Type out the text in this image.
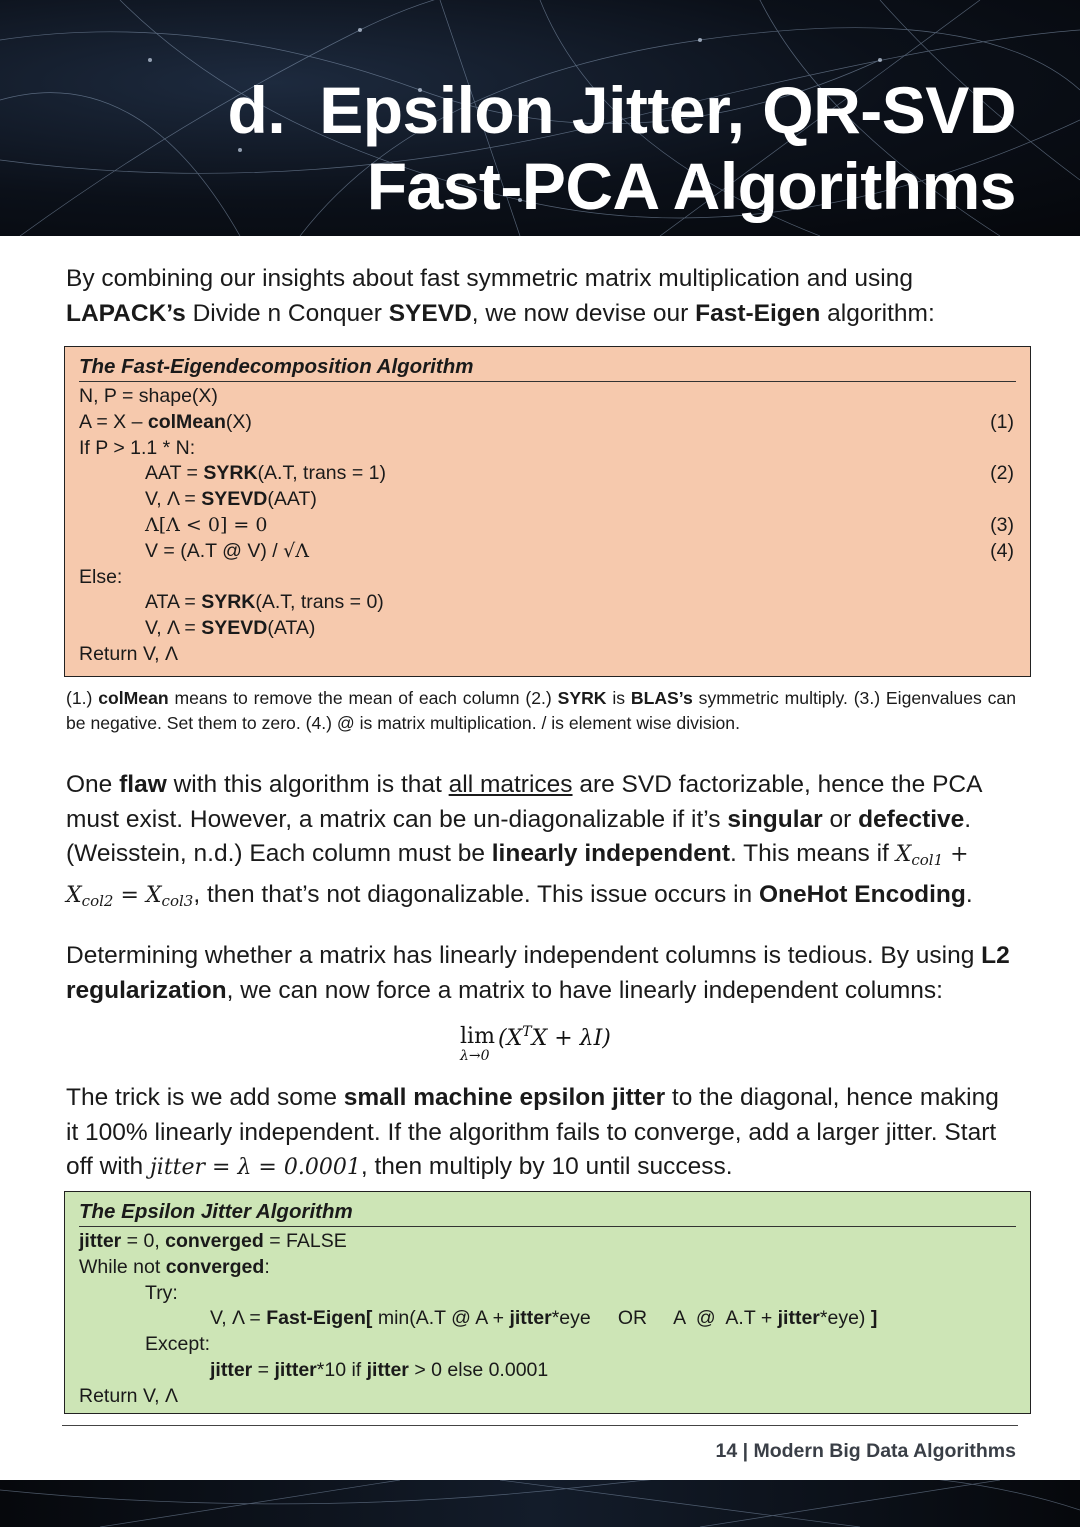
d. Epsilon Jitter, QR-SVD
Fast-PCA Algorithms
By combining our insights about fast symmetric matrix multiplication and using
LAPACK’s Divide n Conquer SYEVD, we now devise our Fast-Eigen algorithm:
The Fast-Eigendecomposition Algorithm
N, P = shape(X)
A = X – colMean(X)	(1)
If P > 1.1 * N:
AAT = SYRK(A.T, trans = 1)	(2)
V, Λ = SYEVD(AAT)
Λ[Λ < 0] = 0	(3)
V = (A.T @ V) / √Λ	(4)
Else:
ATA = SYRK(A.T, trans = 0)
V, Λ = SYEVD(ATA)
Return V, Λ
(1.) colMean means to remove the mean of each column (2.) SYRK is BLAS’s symmetric multiply. (3.) Eigenvalues can be negative. Set them to zero. (4.) @ is matrix multiplication. / is element wise division.
One flaw with this algorithm is that all matrices are SVD factorizable, hence the PCA must exist. However, a matrix can be un-diagonalizable if it’s singular or defective. (Weisstein, n.d.) Each column must be linearly independent. This means if $X_{col1} + X_{col2} = X_{col3}$, then that’s not diagonalizable. This issue occurs in OneHot Encoding.
Determining whether a matrix has linearly independent columns is tedious. By using L2 regularization, we can now force a matrix to have linearly independent columns:
lim
λ→0
$(X^TX + \lambda I)$
The trick is we add some small machine epsilon jitter to the diagonal, hence making it 100% linearly independent. If the algorithm fails to converge, add a larger jitter. Start off with jitter = λ = 0.0001, then multiply by 10 until success.
The Epsilon Jitter Algorithm
jitter = 0, converged = FALSE
While not converged:
Try:
V, Λ = Fast-Eigen[ min(A.T @ A + jitter*eye     OR     A  @  A.T + jitter*eye) ]
Except:
jitter = jitter*10 if jitter > 0 else 0.0001
Return V, Λ
14 | Modern Big Data Algorithms
